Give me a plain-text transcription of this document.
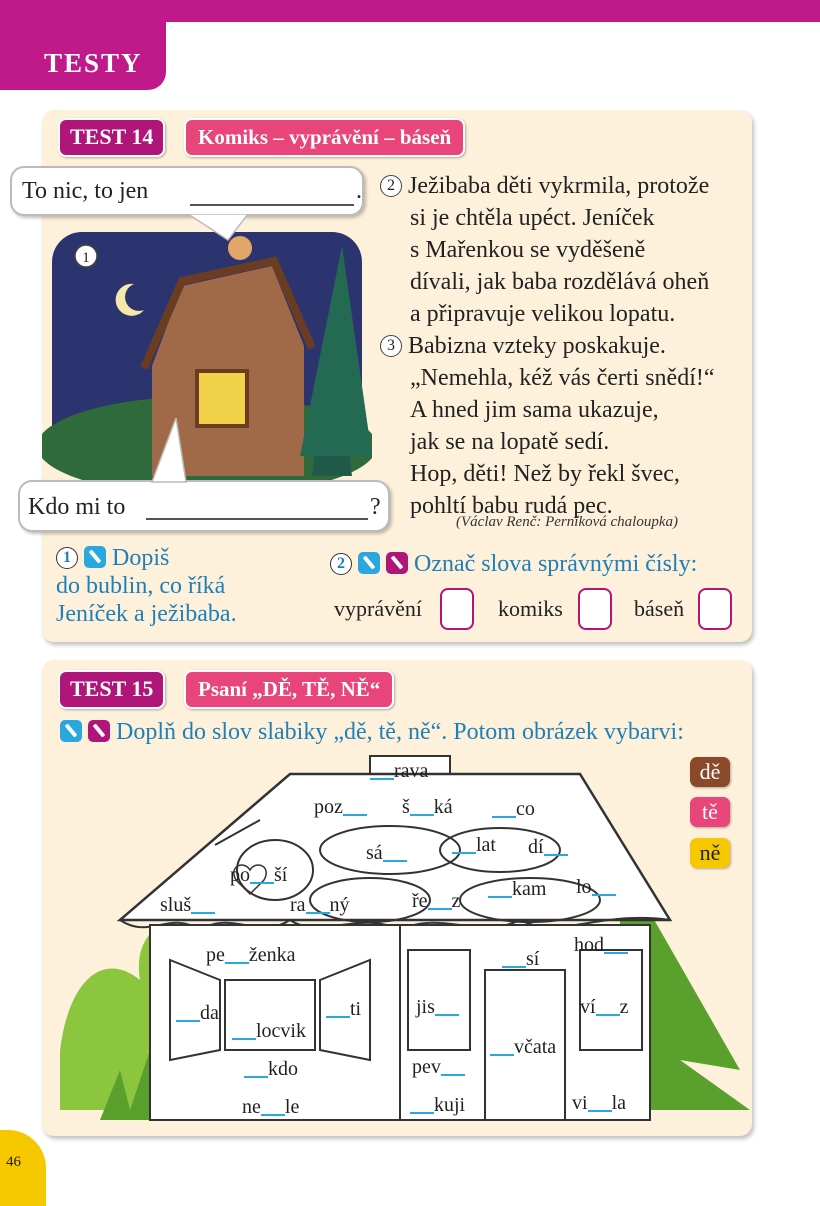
TESTY
TEST 14	Komiks – vyprávění – báseň
1
To nic, to jen	.
Kdo mi to	?
2 Ježibaba děti vykrmila, protože
si je chtěla upéct. Jeníček
s Mařenkou se vyděšeně
dívali, jak baba rozdělává oheň
a připravuje velikou lopatu.
3 Babizna vzteky poskakuje.
„Nemehla, kéž vás čerti snědí!“
A hned jim sama ukazuje,
jak se na lopatě sedí.
Hop, děti! Než by řekl švec,
pohltí babu rudá pec.
(Václav Renč: Perníková chaloupka)
1 Dopiš
do bublin, co říká
Jeníček a ježibaba.
2	Označ slova správnými čísly:
vyprávění	komiks	báseň
TEST 15	Psaní „DĚ, TĚ, NĚ“
Doplň do slov slabiky „dě, tě, ně“. Potom obrázek vybarvi:
dě
tě
ně
rava
poz	š ká	co
sá	lat dí
po ší
sluš	ra ný	ře z
kam lo
pe ženka	hod
sí
da	ti
locvik
jis	ví z
včata
kdo	pev
ne le	kuji	vi la
46
